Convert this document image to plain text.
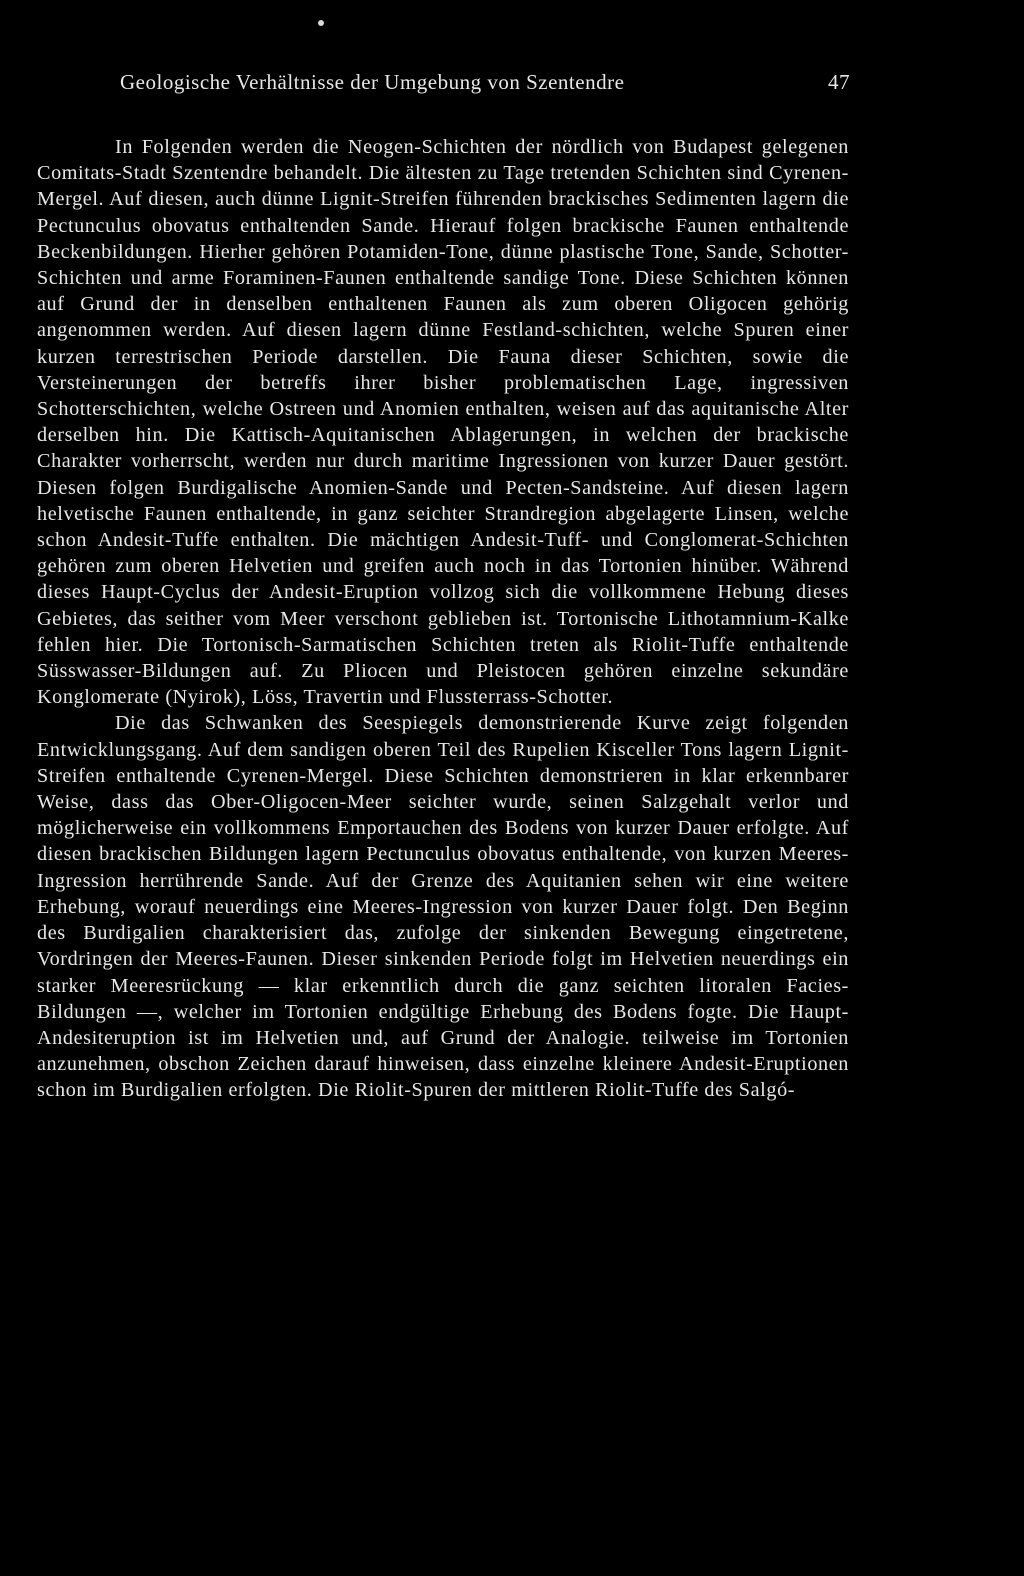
Geologische Verhältnisse der Umgebung von Szentendre	47

In Folgenden werden die Neogen-Schichten der nördlich von Budapest gelegenen Comitats-Stadt Szentendre behandelt. Die ältesten zu Tage tretenden Schichten sind Cyrenen-Mergel. Auf diesen, auch dünne Lignit-Streifen führenden brackisches Sedimenten lagern die Pectunculus obovatus enthaltenden Sande. Hierauf folgen brackische Faunen enthaltende Beckenbildungen. Hierher gehören Potamiden-Tone, dünne plastische Tone, Sande, Schotter-Schichten und arme Foraminen-Faunen enthaltende sandige Tone. Diese Schichten können auf Grund der in denselben enthaltenen Faunen als zum oberen Oligocen gehörig angenommen werden. Auf diesen lagern dünne Festland-schichten, welche Spuren einer kurzen terrestrischen Periode darstellen. Die Fauna dieser Schichten, sowie die Versteinerungen der betreffs ihrer bisher problematischen Lage, ingressiven Schotterschichten, welche Ostreen und Anomien enthalten, weisen auf das aquitanische Alter derselben hin. Die Kattisch-Aquitanischen Ablagerungen, in welchen der brackische Charakter vorherrscht, werden nur durch maritime Ingressionen von kurzer Dauer gestört. Diesen folgen Burdigalische Anomien-Sande und Pecten-Sandsteine. Auf diesen lagern helvetische Faunen enthaltende, in ganz seichter Strandregion abgelagerte Linsen, welche schon Andesit-Tuffe enthalten. Die mächtigen Andesit-Tuff- und Conglomerat-Schichten gehören zum oberen Helvetien und greifen auch noch in das Tortonien hinüber. Während dieses Haupt-Cyclus der Andesit-Eruption vollzog sich die vollkommene Hebung dieses Gebietes, das seither vom Meer verschont geblieben ist. Tortonische Lithotamnium-Kalke fehlen hier. Die Tortonisch-Sarmatischen Schichten treten als Riolit-Tuffe enthaltende Süsswasser-Bildungen auf. Zu Pliocen und Pleistocen gehören einzelne sekundäre Konglomerate (Nyirok), Löss, Travertin und Flussterrass-Schotter.

Die das Schwanken des Seespiegels demonstrierende Kurve zeigt folgenden Entwicklungsgang. Auf dem sandigen oberen Teil des Rupelien Kisceller Tons lagern Lignit-Streifen enthaltende Cyrenen-Mergel. Diese Schichten demonstrieren in klar erkennbarer Weise, dass das Ober-Oligocen-Meer seichter wurde, seinen Salzgehalt verlor und möglicherweise ein vollkommens Emportauchen des Bodens von kurzer Dauer erfolgte. Auf diesen brackischen Bildungen lagern Pectunculus obovatus enthaltende, von kurzen Meeres-Ingression herrührende Sande. Auf der Grenze des Aquitanien sehen wir eine weitere Erhebung, worauf neuerdings eine Meeres-Ingression von kurzer Dauer folgt. Den Beginn des Burdigalien charakterisiert das, zufolge der sinkenden Bewegung eingetretene, Vordringen der Meeres-Faunen. Dieser sinkenden Periode folgt im Helvetien neuerdings ein starker Meeresrückung — klar erkenntlich durch die ganz seichten litoralen Facies-Bildungen —, welcher im Tortonien endgültige Erhebung des Bodens fogte. Die Haupt-Andesiteruption ist im Helvetien und, auf Grund der Analogie. teilweise im Tortonien anzunehmen, obschon Zeichen darauf hinweisen, dass einzelne kleinere Andesit-Eruptionen schon im Burdigalien erfolgten. Die Riolit-Spuren der mittleren Riolit-Tuffe des Salgó-
